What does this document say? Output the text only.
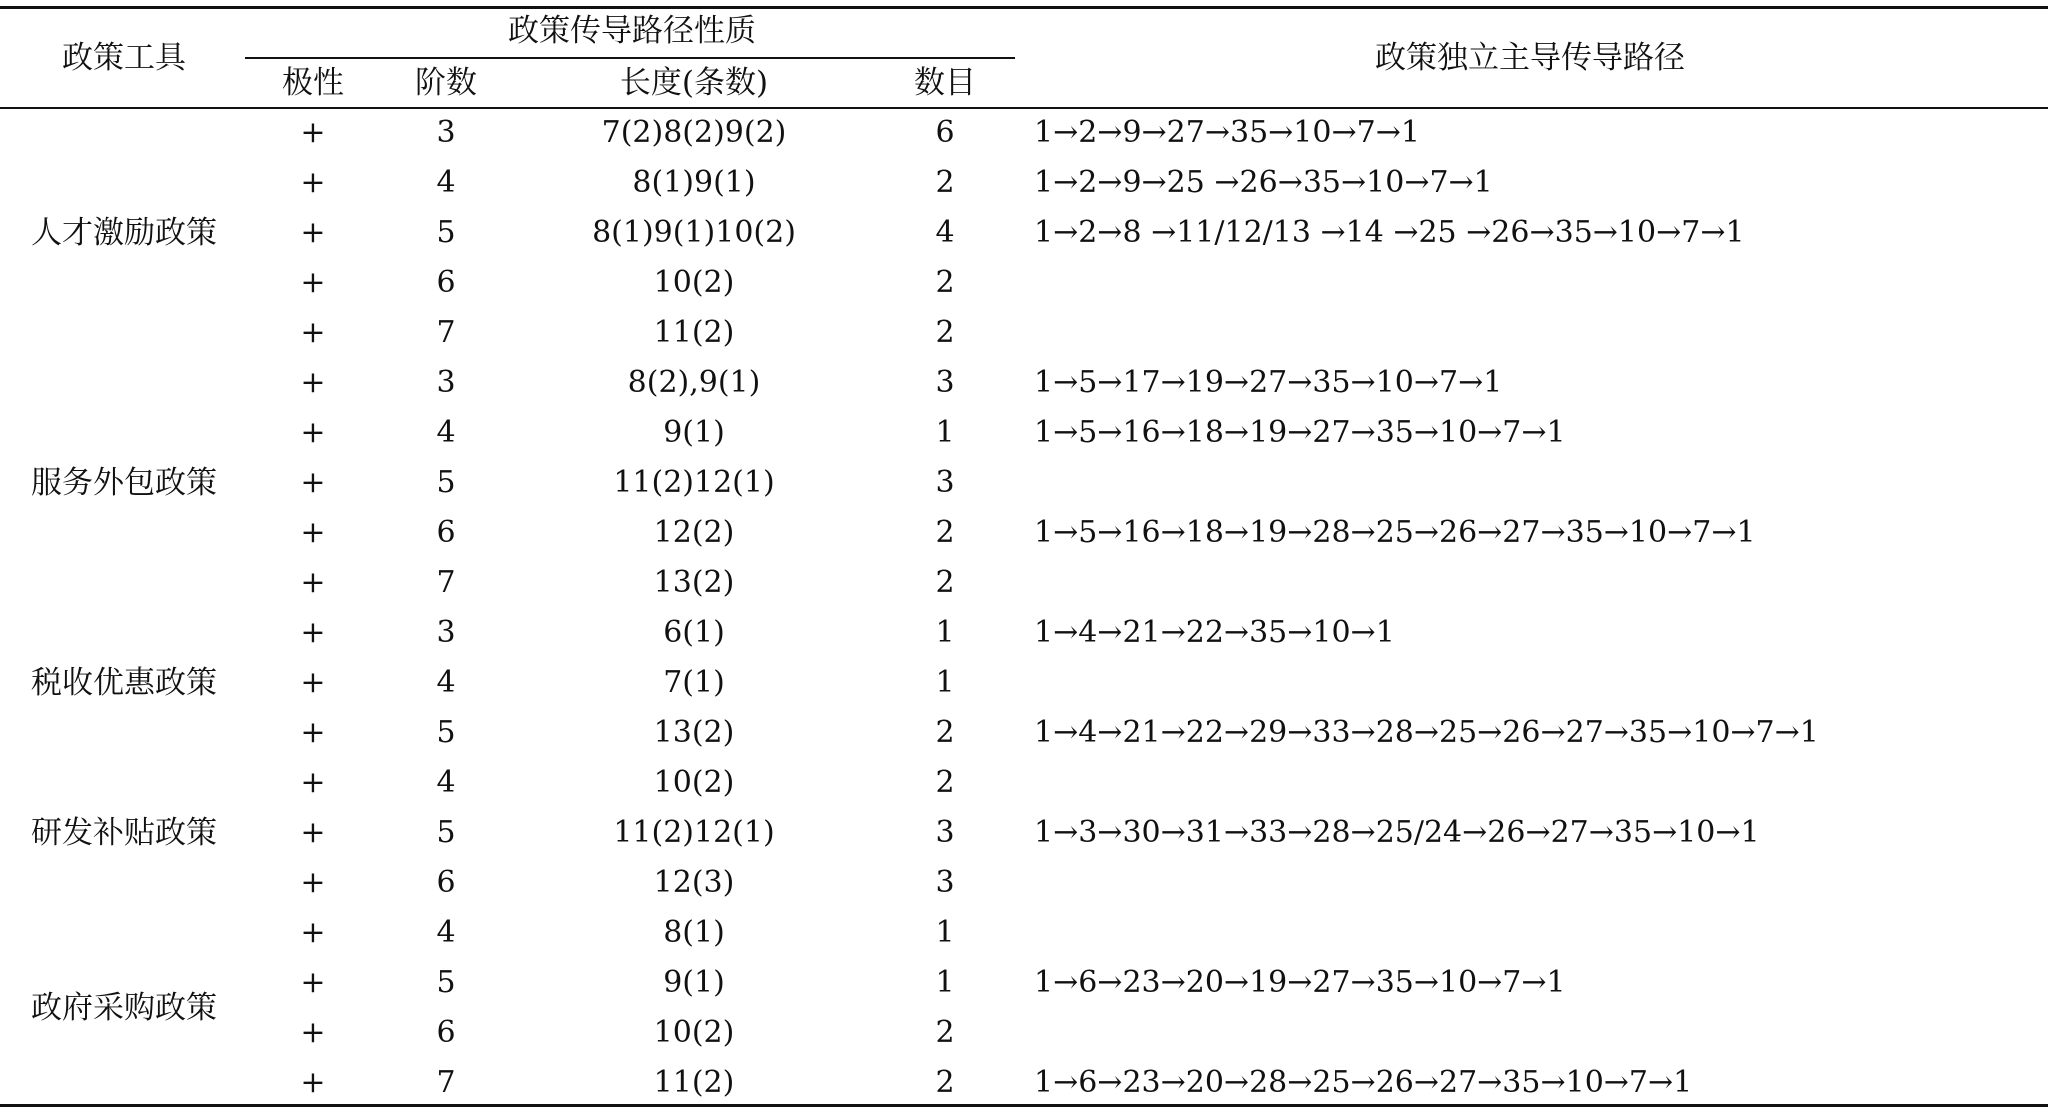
政策工具
政策传导路径性质
政策独立主导传导路径
极性 阶数	长度(条数)	数目
+	3	7(2)8(2)9(2)	6	1→2→9→27→35→10→7→1
+	4	8(1)9(1)	2	1→2→9→25 →26→35→10→7→1
+	5	8(1)9(1)10(2)	4	1→2→8 →11/12/13 →14 →25 →26→35→10→7→1
+	6	10(2)	2
+	7	11(2)	2
人才激励政策
+	3	8(2),9(1)	3	1→5→17→19→27→35→10→7→1
+	4	9(1)	1	1→5→16→18→19→27→35→10→7→1
+	5	11(2)12(1)	3
+	6	12(2)	2	1→5→16→18→19→28→25→26→27→35→10→7→1
+	7	13(2)	2
服务外包政策
+	3	6(1)	1	1→4→21→22→35→10→1
+	4	7(1)	1
+	5	13(2)	2	1→4→21→22→29→33→28→25→26→27→35→10→7→1
税收优惠政策
+	4	10(2)	2
+	5	11(2)12(1)	3	1→3→30→31→33→28→25/24→26→27→35→10→1
+	6	12(3)	3
研发补贴政策
+	4	8(1)	1
+	5	9(1)	1	1→6→23→20→19→27→35→10→7→1
+	6	10(2)	2
+	7	11(2)	2	1→6→23→20→28→25→26→27→35→10→7→1
政府采购政策
